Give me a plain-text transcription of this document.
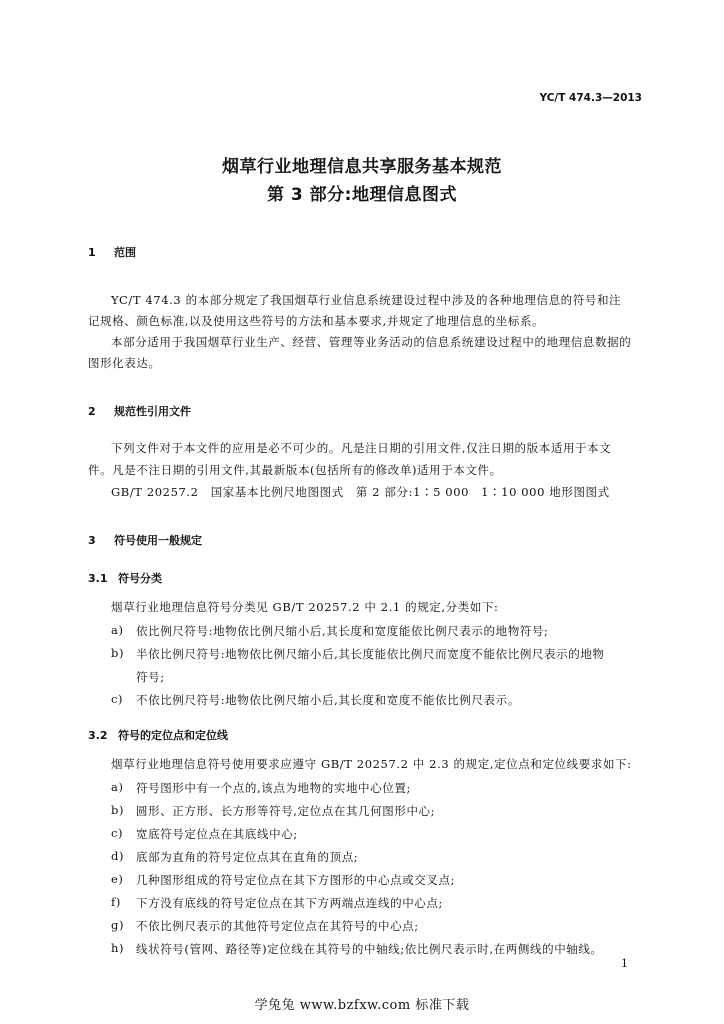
YC/T 474.3—2013
烟草行业地理信息共享服务基本规范
第 3 部分:地理信息图式
1 范围
YC/T 474.3 的本部分规定了我国烟草行业信息系统建设过程中涉及的各种地理信息的符号和注
记规格、颜色标准,以及使用这些符号的方法和基本要求,并规定了地理信息的坐标系。
本部分适用于我国烟草行业生产、经营、管理等业务活动的信息系统建设过程中的地理信息数据的
图形化表达。
2 规范性引用文件
下列文件对于本文件的应用是必不可少的。凡是注日期的引用文件,仅注日期的版本适用于本文
件。凡是不注日期的引用文件,其最新版本(包括所有的修改单)适用于本文件。
GB/T 20257.2　国家基本比例尺地图图式　第 2 部分:1∶5 000　1∶10 000 地形图图式
3 符号使用一般规定
3.1 符号分类
烟草行业地理信息符号分类见 GB/T 20257.2 中 2.1 的规定,分类如下:
a) 依比例尺符号:地物依比例尺缩小后,其长度和宽度能依比例尺表示的地物符号;
b) 半依比例尺符号:地物依比例尺缩小后,其长度能依比例尺而宽度不能依比例尺表示的地物
符号;
c) 不依比例尺符号:地物依比例尺缩小后,其长度和宽度不能依比例尺表示。
3.2 符号的定位点和定位线
烟草行业地理信息符号使用要求应遵守 GB/T 20257.2 中 2.3 的规定,定位点和定位线要求如下:
a) 符号图形中有一个点的,该点为地物的实地中心位置;
b) 圆形、正方形、长方形等符号,定位点在其几何图形中心;
c) 宽底符号定位点在其底线中心;
d) 底部为直角的符号定位点其在直角的顶点;
e) 几种图形组成的符号定位点在其下方图形的中心点或交叉点;
f) 下方没有底线的符号定位点在其下方两端点连线的中心点;
g) 不依比例尺表示的其他符号定位点在其符号的中心点;
h) 线状符号(管网、路径等)定位线在其符号的中轴线;依比例尺表示时,在两侧线的中轴线。
1
学兔兔 www.bzfxw.com 标准下载
